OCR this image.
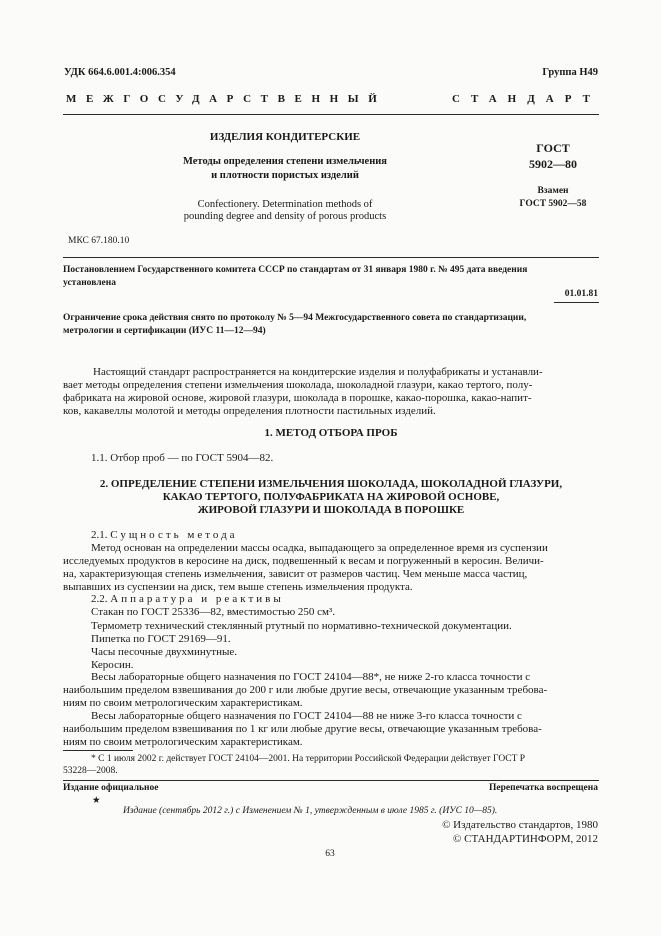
УДК 664.6.001.4:006.354	Группа Н49
МЕЖГОСУДАРСТВЕННЫЙ	СТАНДАРТ
ИЗДЕЛИЯ КОНДИТЕРСКИЕ
Методы определения степени измельчения
и плотности пористых изделий
Confectionery. Determination methods of
pounding degree and density of porous products
ГОСТ
5902—80
Взамен
ГОСТ 5902—58
МКС 67.180.10
Постановлением Государственного комитета СССР по стандартам от 31 января 1980 г. № 495 дата введения
установлена
01.01.81
Ограничение срока действия снято по протоколу № 5—94 Межгосударственного совета по стандартизации,
метрологии и сертификации (ИУС 11—12—94)
Настоящий стандарт распространяется на кондитерские изделия и полуфабрикаты и устанавли-
вает методы определения степени измельчения шоколада, шоколадной глазури, какао тертого, полу-
фабриката на жировой основе, жировой глазури, шоколада в порошке, какао-порошка, какао-напит-
ков, какавеллы молотой и методы определения плотности пастильных изделий.
1. МЕТОД ОТБОРА ПРОБ
1.1. Отбор проб — по ГОСТ 5904—82.
2. ОПРЕДЕЛЕНИЕ СТЕПЕНИ ИЗМЕЛЬЧЕНИЯ ШОКОЛАДА, ШОКОЛАДНОЙ ГЛАЗУРИ,
КАКАО ТЕРТОГО, ПОЛУФАБРИКАТА НА ЖИРОВОЙ ОСНОВЕ,
ЖИРОВОЙ ГЛАЗУРИ И ШОКОЛАДА В ПОРОШКЕ
2.1. Сущность метода
Метод основан на определении массы осадка, выпадающего за определенное время из суспензии
исследуемых продуктов в керосине на диск, подвешенный к весам и погруженный в керосин. Величи-
на, характеризующая степень измельчения, зависит от размеров частиц. Чем меньше масса частиц,
выпавших из суспензии на диск, тем выше степень измельчения продукта.
2.2. Аппаратура и реактивы
Стакан по ГОСТ 25336—82, вместимостью 250 см³.
Термометр технический стеклянный ртутный по нормативно-технической документации.
Пипетка по ГОСТ 29169—91.
Часы песочные двухминутные.
Керосин.
Весы лабораторные общего назначения по ГОСТ 24104—88*, не ниже 2-го класса точности с
наибольшим пределом взвешивания до 200 г или любые другие весы, отвечающие указанным требова-
ниям по своим метрологическим характеристикам.
Весы лабораторные общего назначения по ГОСТ 24104—88 не ниже 3-го класса точности с
наибольшим пределом взвешивания по 1 кг или любые другие весы, отвечающие указанным требова-
ниям по своим метрологическим характеристикам.
* С 1 июля 2002 г. действует ГОСТ 24104—2001. На территории Российской Федерации действует ГОСТ Р
53228—2008.
Издание официальное	Перепечатка воспрещена
★
Издание (сентябрь 2012 г.) с Изменением № 1, утвержденным в июле 1985 г. (ИУС 10—85).
© Издательство стандартов, 1980
© СТАНДАРТИНФОРМ, 2012
63
